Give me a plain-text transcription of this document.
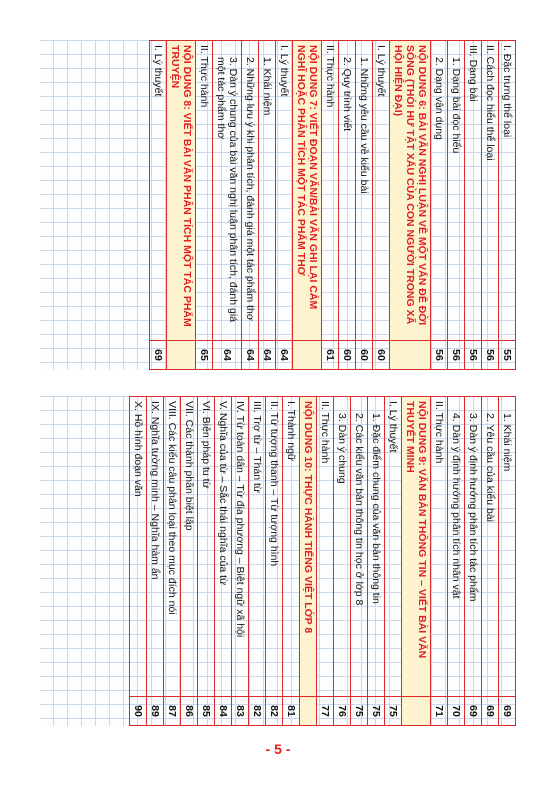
I. Đặc trưng thể loại	55
II. Cách đọc hiểu thể loại	56
III. Dạng bài	56
1. Dạng bài đọc hiểu	56
2. Dạng vận dụng	56
NỘI DUNG 6: BÀI VĂN NGHỊ LUẬN VỀ MỘT VẤN ĐỀ ĐỜI SỐNG (THÓI HƯ TẬT XẤU CỦA CON NGƯỜI TRONG XÃ HỘI HIỆN ĐẠI)	
I. Lý thuyết	60
1. Những yêu cầu về kiểu bài	60
2. Quy trình viết	60
II. Thực hành	61
NỘI DUNG 7: VIẾT ĐOẠN VĂN/BÀI VĂN GHI LẠI CẢM NGHĨ HOẶC PHÂN TÍCH MỘT TÁC PHẨM THƠ	
I. Lý thuyết	64
1. Khái niệm	64
2. Những lưu ý khi phân tích, đánh giá một tác phẩm thơ	64
3. Dàn ý chung của bài văn nghị luận phân tích, đánh giá một tác phẩm thơ	64
II. Thực hành	65
NỘI DUNG 8: VIẾT BÀI VĂN PHÂN TÍCH MỘT TÁC PHẨM TRUYỆN	
I. Lý thuyết	69
1. Khái niệm	69
2. Yêu cầu của kiểu bài	69
3. Dàn ý định hướng phân tích tác phẩm	69
4. Dàn ý định hướng phân tích nhân vật	70
II. Thực hành	71
NỘI DUNG 9: VĂN BẢN THÔNG TIN – VIẾT BÀI VĂN THUYẾT MINH	
I. Lý thuyết	75
1. Đặc điểm chung của văn bản thông tin	75
2. Các kiểu văn bản thông tin học ở lớp 8	75
3. Dàn ý chung	76
II. Thực hành	77
NỘI DUNG 10: THỰC HÀNH TIẾNG VIỆT LỚP 8	
I. Thành ngữ	81
II. Từ tượng thanh – Từ tượng hình	82
III. Trợ từ – Thán từ	82
IV. Từ toàn dân – Từ địa phương – Biệt ngữ xã hội	83
V. Nghĩa của từ – Sắc thái nghĩa của từ	84
VI. Biện pháp tu từ	85
VII. Các thành phần biệt lập	86
VIII. Các kiểu câu phân loại theo mục đích nói	87
IX. Nghĩa tường minh – Nghĩa hàm ẩn	89
X. Hồ hình đoạn văn	90
- 5 -
